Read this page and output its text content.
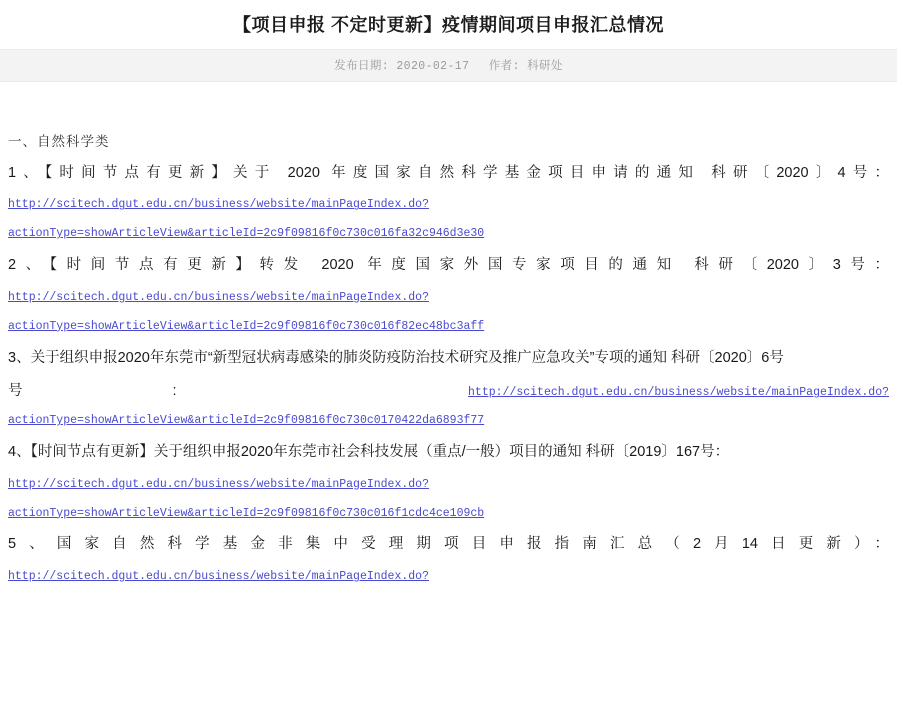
【项目申报 不定时更新】疫情期间项目申报汇总情况
发布日期: 2020-02-17 作者: 科研处
一、自然科学类
1、【时间节点有更新】关于 2020 年度国家自然科学基金项目申请的通知 科研〔2020〕4号：
http://scitech.dgut.edu.cn/business/website/mainPageIndex.do?
actionType=showArticleView&articleId=2c9f09816f0c730c016fa32c946d3e30
2、【时间节点有更新】转发 2020 年度国家外国专家项目的通知 科研〔2020〕3号：
http://scitech.dgut.edu.cn/business/website/mainPageIndex.do?
actionType=showArticleView&articleId=2c9f09816f0c730c016f82ec48bc3aff
3、关于组织申报2020年东莞市“新型冠状病毒感染的肺炎防疫防治技术研究及推广应急攻关”专项的通知 科研〔2020〕6号
号	:	http://scitech.dgut.edu.cn/business/website/mainPageIndex.do?
actionType=showArticleView&articleId=2c9f09816f0c730c0170422da6893f77
4、【时间节点有更新】关于组织申报2020年东莞市社会科技发展（重点/一般）项目的通知 科研〔2019〕167号：
http://scitech.dgut.edu.cn/business/website/mainPageIndex.do?
actionType=showArticleView&articleId=2c9f09816f0c730c016f1cdc4ce109cb
5、国家自然科学基金非集中受理期项目申报指南汇总（2月14日更新）：
http://scitech.dgut.edu.cn/business/website/mainPageIndex.do?
